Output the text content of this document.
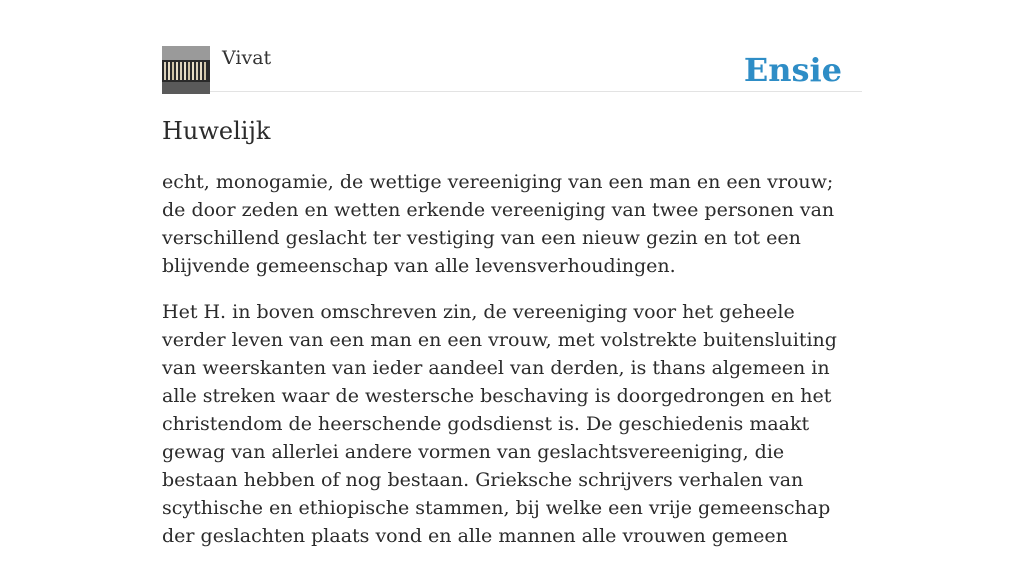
Vivat	Ensie
Huwelijk

echt, monogamie, de wettige vereeniging van een man en een vrouw; de door zeden en wetten erkende vereeniging van twee personen van verschillend geslacht ter vestiging van een nieuw gezin en tot een blijvende gemeenschap van alle levensverhoudingen.

Het H. in boven omschreven zin, de vereeniging voor het geheele verder leven van een man en een vrouw, met volstrekte buitensluiting van weerskanten van ieder aandeel van derden, is thans algemeen in alle streken waar de westersche beschaving is doorgedrongen en het christendom de heerschende godsdienst is. De geschiedenis maakt gewag van allerlei andere vormen van geslachtsvereeniging, die bestaan hebben of nog bestaan. Grieksche schrijvers verhalen van scythische en ethiopische stammen, bij welke een vrije gemeenschap der geslachten plaats vond en alle mannen alle vrouwen gemeen
